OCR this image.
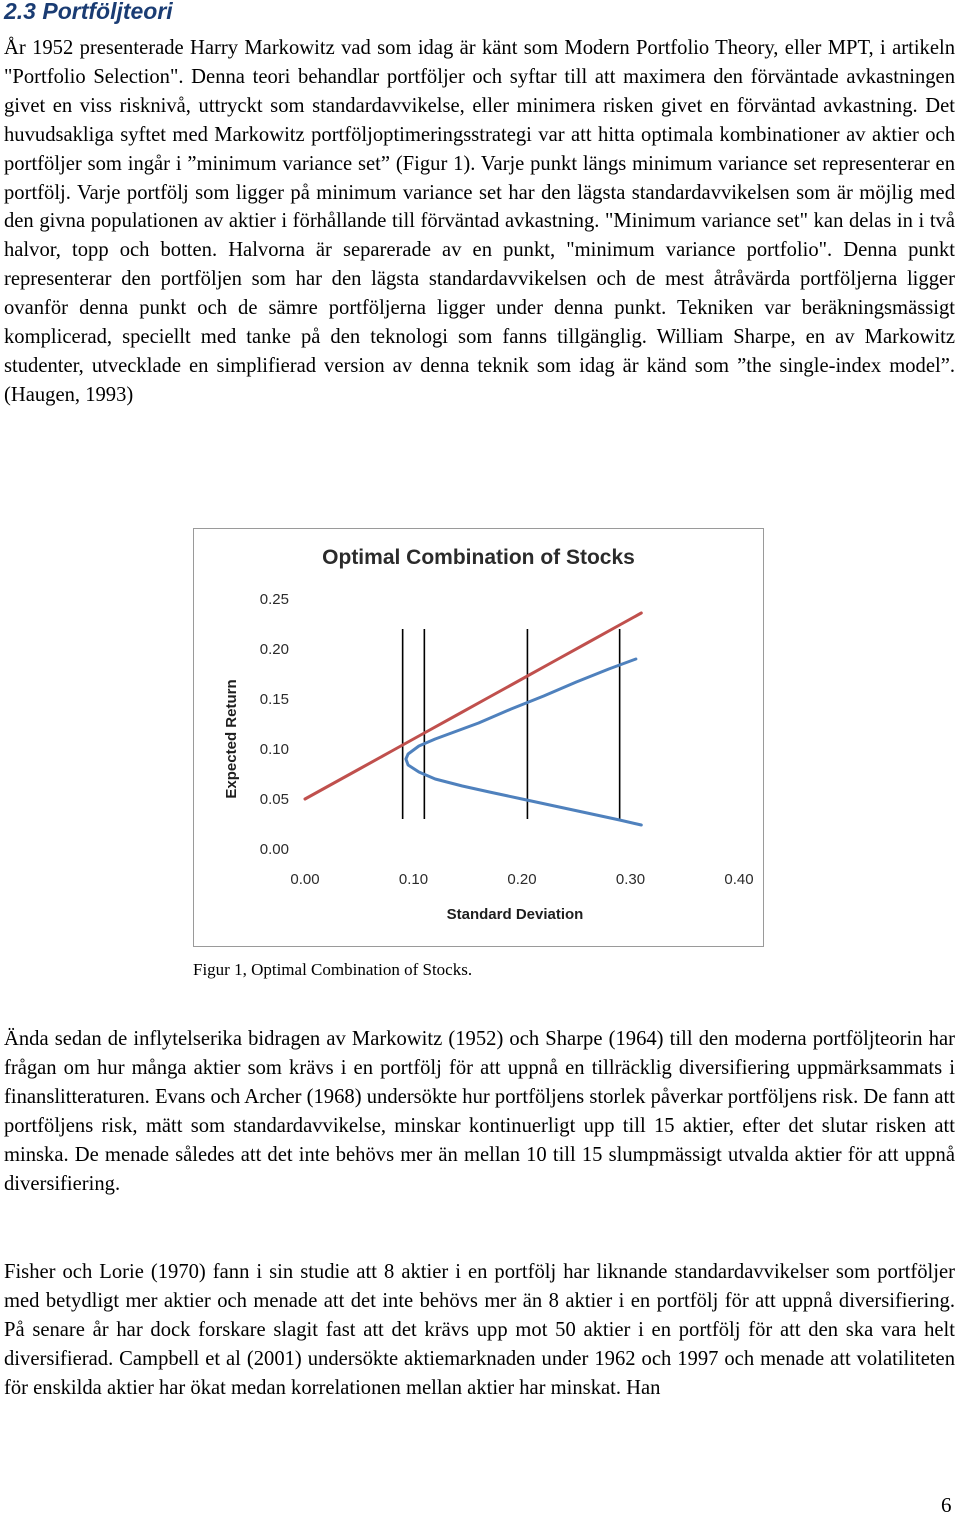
2.3 Portföljteori

År 1952 presenterade Harry Markowitz vad som idag är känt som Modern Portfolio Theory, eller MPT, i artikeln "Portfolio Selection". Denna teori behandlar portföljer och syftar till att maximera den förväntade avkastningen givet en viss risknivå, uttryckt som standardavvikelse, eller minimera risken givet en förväntad avkastning. Det huvudsakliga syftet med Markowitz portföljoptimeringsstrategi var att hitta optimala kombinationer av aktier och portföljer som ingår i ”minimum variance set” (Figur 1). Varje punkt längs minimum variance set representerar en portfölj. Varje portfölj som ligger på minimum variance set har den lägsta standardavvikelsen som är möjlig med den givna populationen av aktier i förhållande till förväntad avkastning. "Minimum variance set" kan delas in i två halvor, topp och botten. Halvorna är separerade av en punkt, "minimum variance portfolio". Denna punkt representerar den portföljen som har den lägsta standardavvikelsen och de mest åtråvärda portföljerna ligger ovanför denna punkt och de sämre portföljerna ligger under denna punkt. Tekniken var beräkningsmässigt komplicerad, speciellt med tanke på den teknologi som fanns tillgänglig. William Sharpe, en av Markowitz studenter, utvecklade en simplifierad version av denna teknik som idag är känd som ”the single-index model”. (Haugen, 1993)

Optimal Combination of Stocks
0.00
0.05
0.10
0.15
0.20
0.25
0.00	0.10	0.20	0.30	0.40
Expected Return
Standard Deviation

Figur 1, Optimal Combination of Stocks.

Ända sedan de inflytelserika bidragen av Markowitz (1952) och Sharpe (1964) till den moderna portföljteorin har frågan om hur många aktier som krävs i en portfölj för att uppnå en tillräcklig diversifiering uppmärksammats i finanslitteraturen. Evans och Archer (1968) undersökte hur portföljens storlek påverkar portföljens risk. De fann att portföljens risk, mätt som standardavvikelse, minskar kontinuerligt upp till 15 aktier, efter det slutar risken att minska. De menade således att det inte behövs mer än mellan 10 till 15 slumpmässigt utvalda aktier för att uppnå diversifiering.

Fisher och Lorie (1970) fann i sin studie att 8 aktier i en portfölj har liknande standardavvikelser som portföljer med betydligt mer aktier och menade att det inte behövs mer än 8 aktier i en portfölj för att uppnå diversifiering. På senare år har dock forskare slagit fast att det krävs upp mot 50 aktier i en portfölj för att den ska vara helt diversifierad. Campbell et al (2001) undersökte aktiemarknaden under 1962 och 1997 och menade att volatiliteten för enskilda aktier har ökat medan korrelationen mellan aktier har minskat. Han

6
